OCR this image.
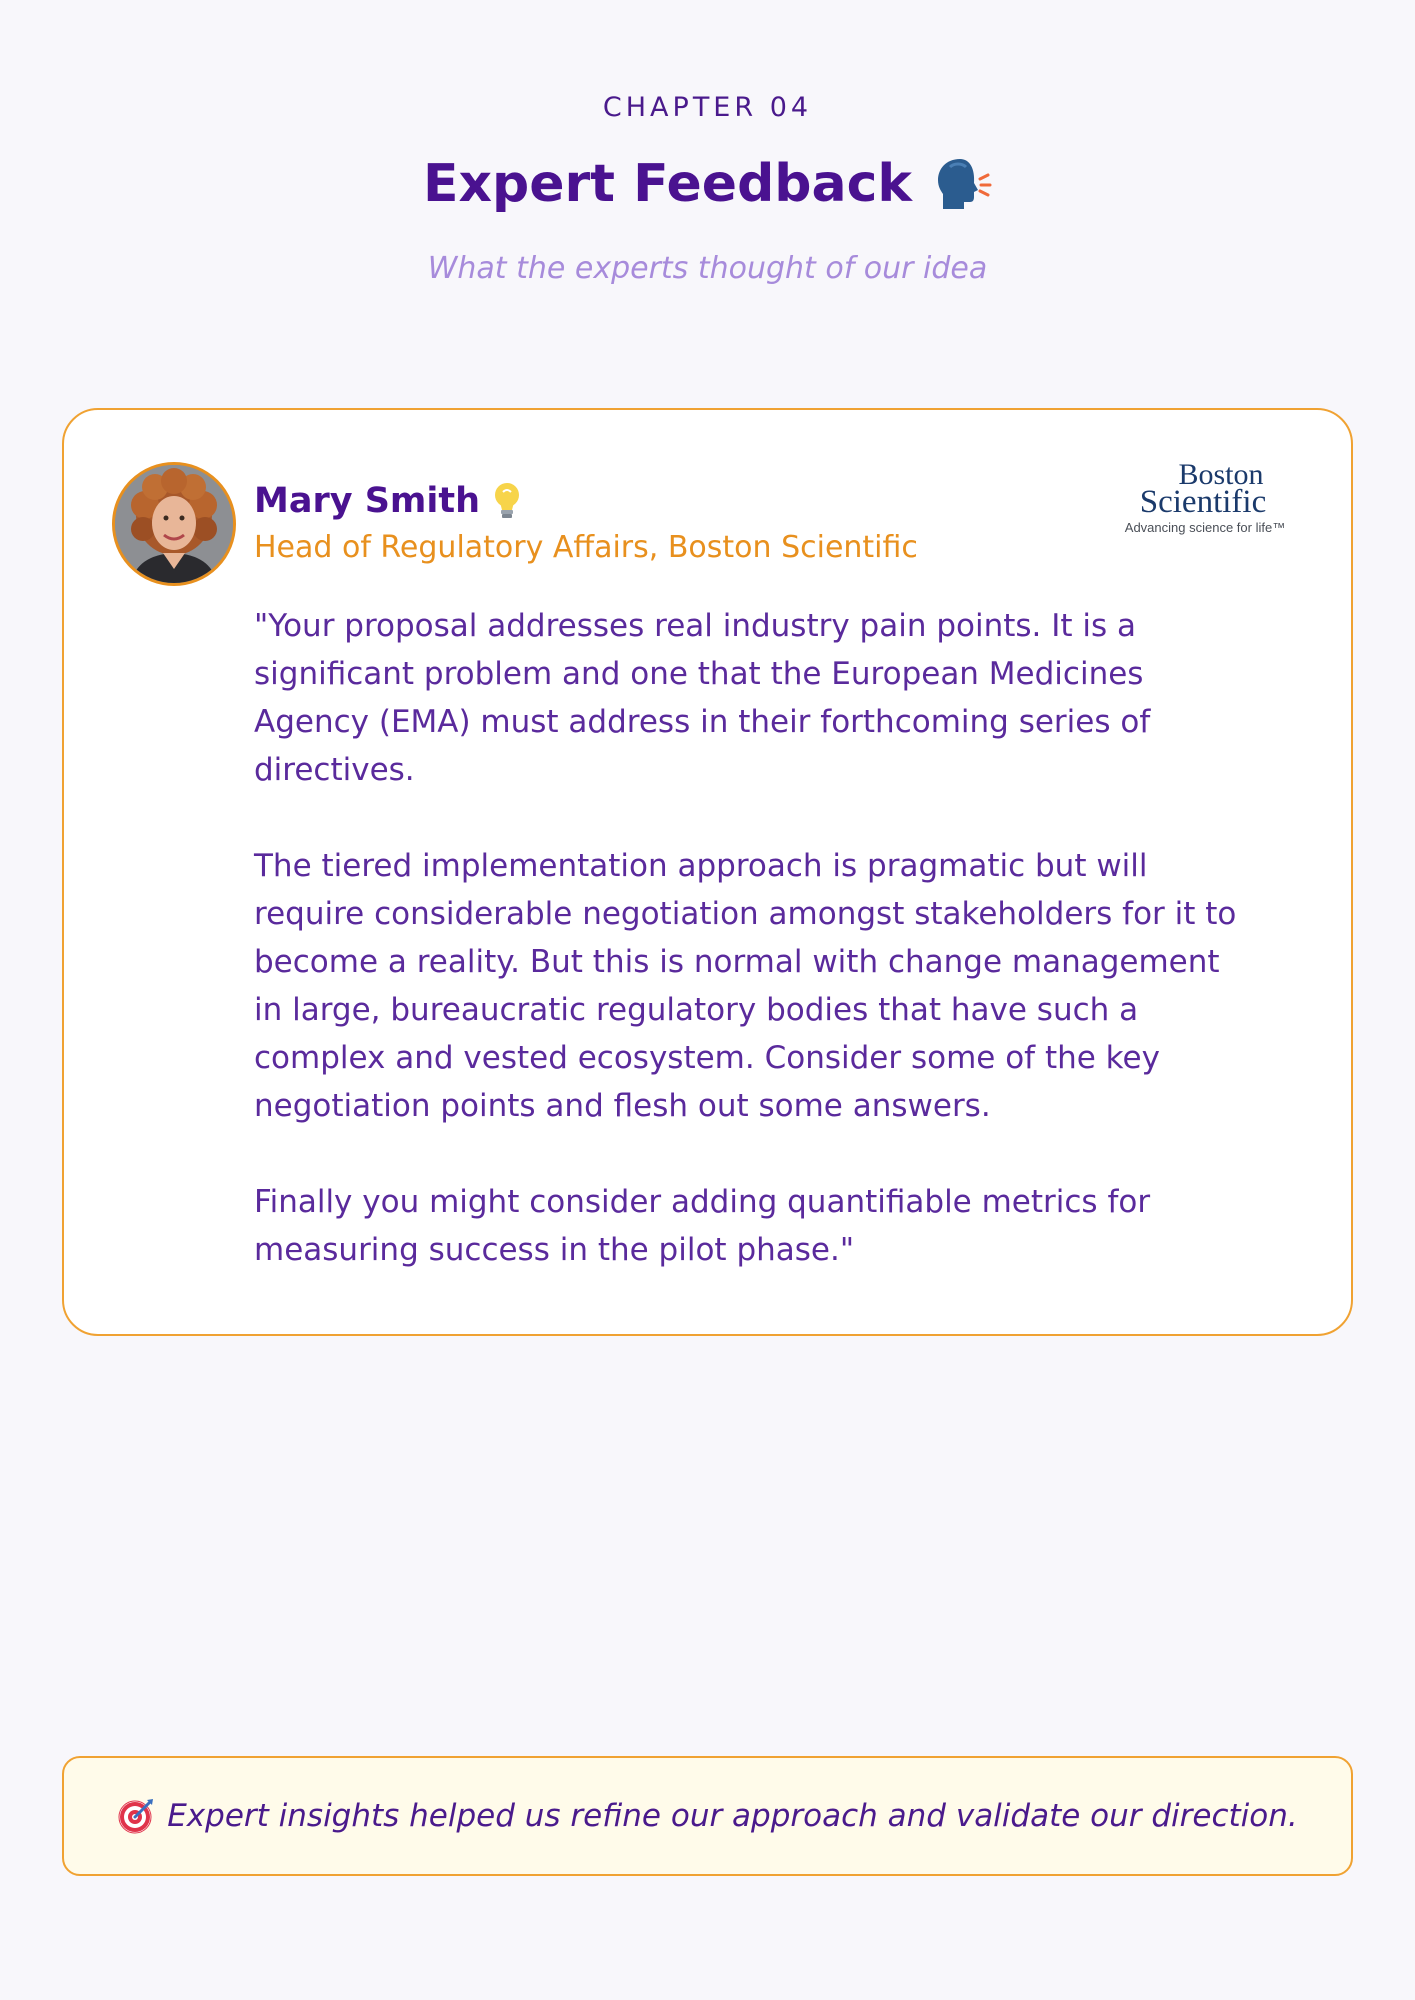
CHAPTER 04
Expert Feedback
What the experts thought of our idea
Mary Smith
Head of Regulatory Affairs, Boston Scientific
Boston
Scientific
Advancing science for life™

"Your proposal addresses real industry pain points. It is a significant problem and one that the European Medicines Agency (EMA) must address in their forthcoming series of directives.

The tiered implementation approach is pragmatic but will require considerable negotiation amongst stakeholders for it to become a reality. But this is normal with change management in large, bureaucratic regulatory bodies that have such a complex and vested ecosystem. Consider some of the key negotiation points and flesh out some answers.

Finally you might consider adding quantifiable metrics for measuring success in the pilot phase."

Expert insights helped us refine our approach and validate our direction.
